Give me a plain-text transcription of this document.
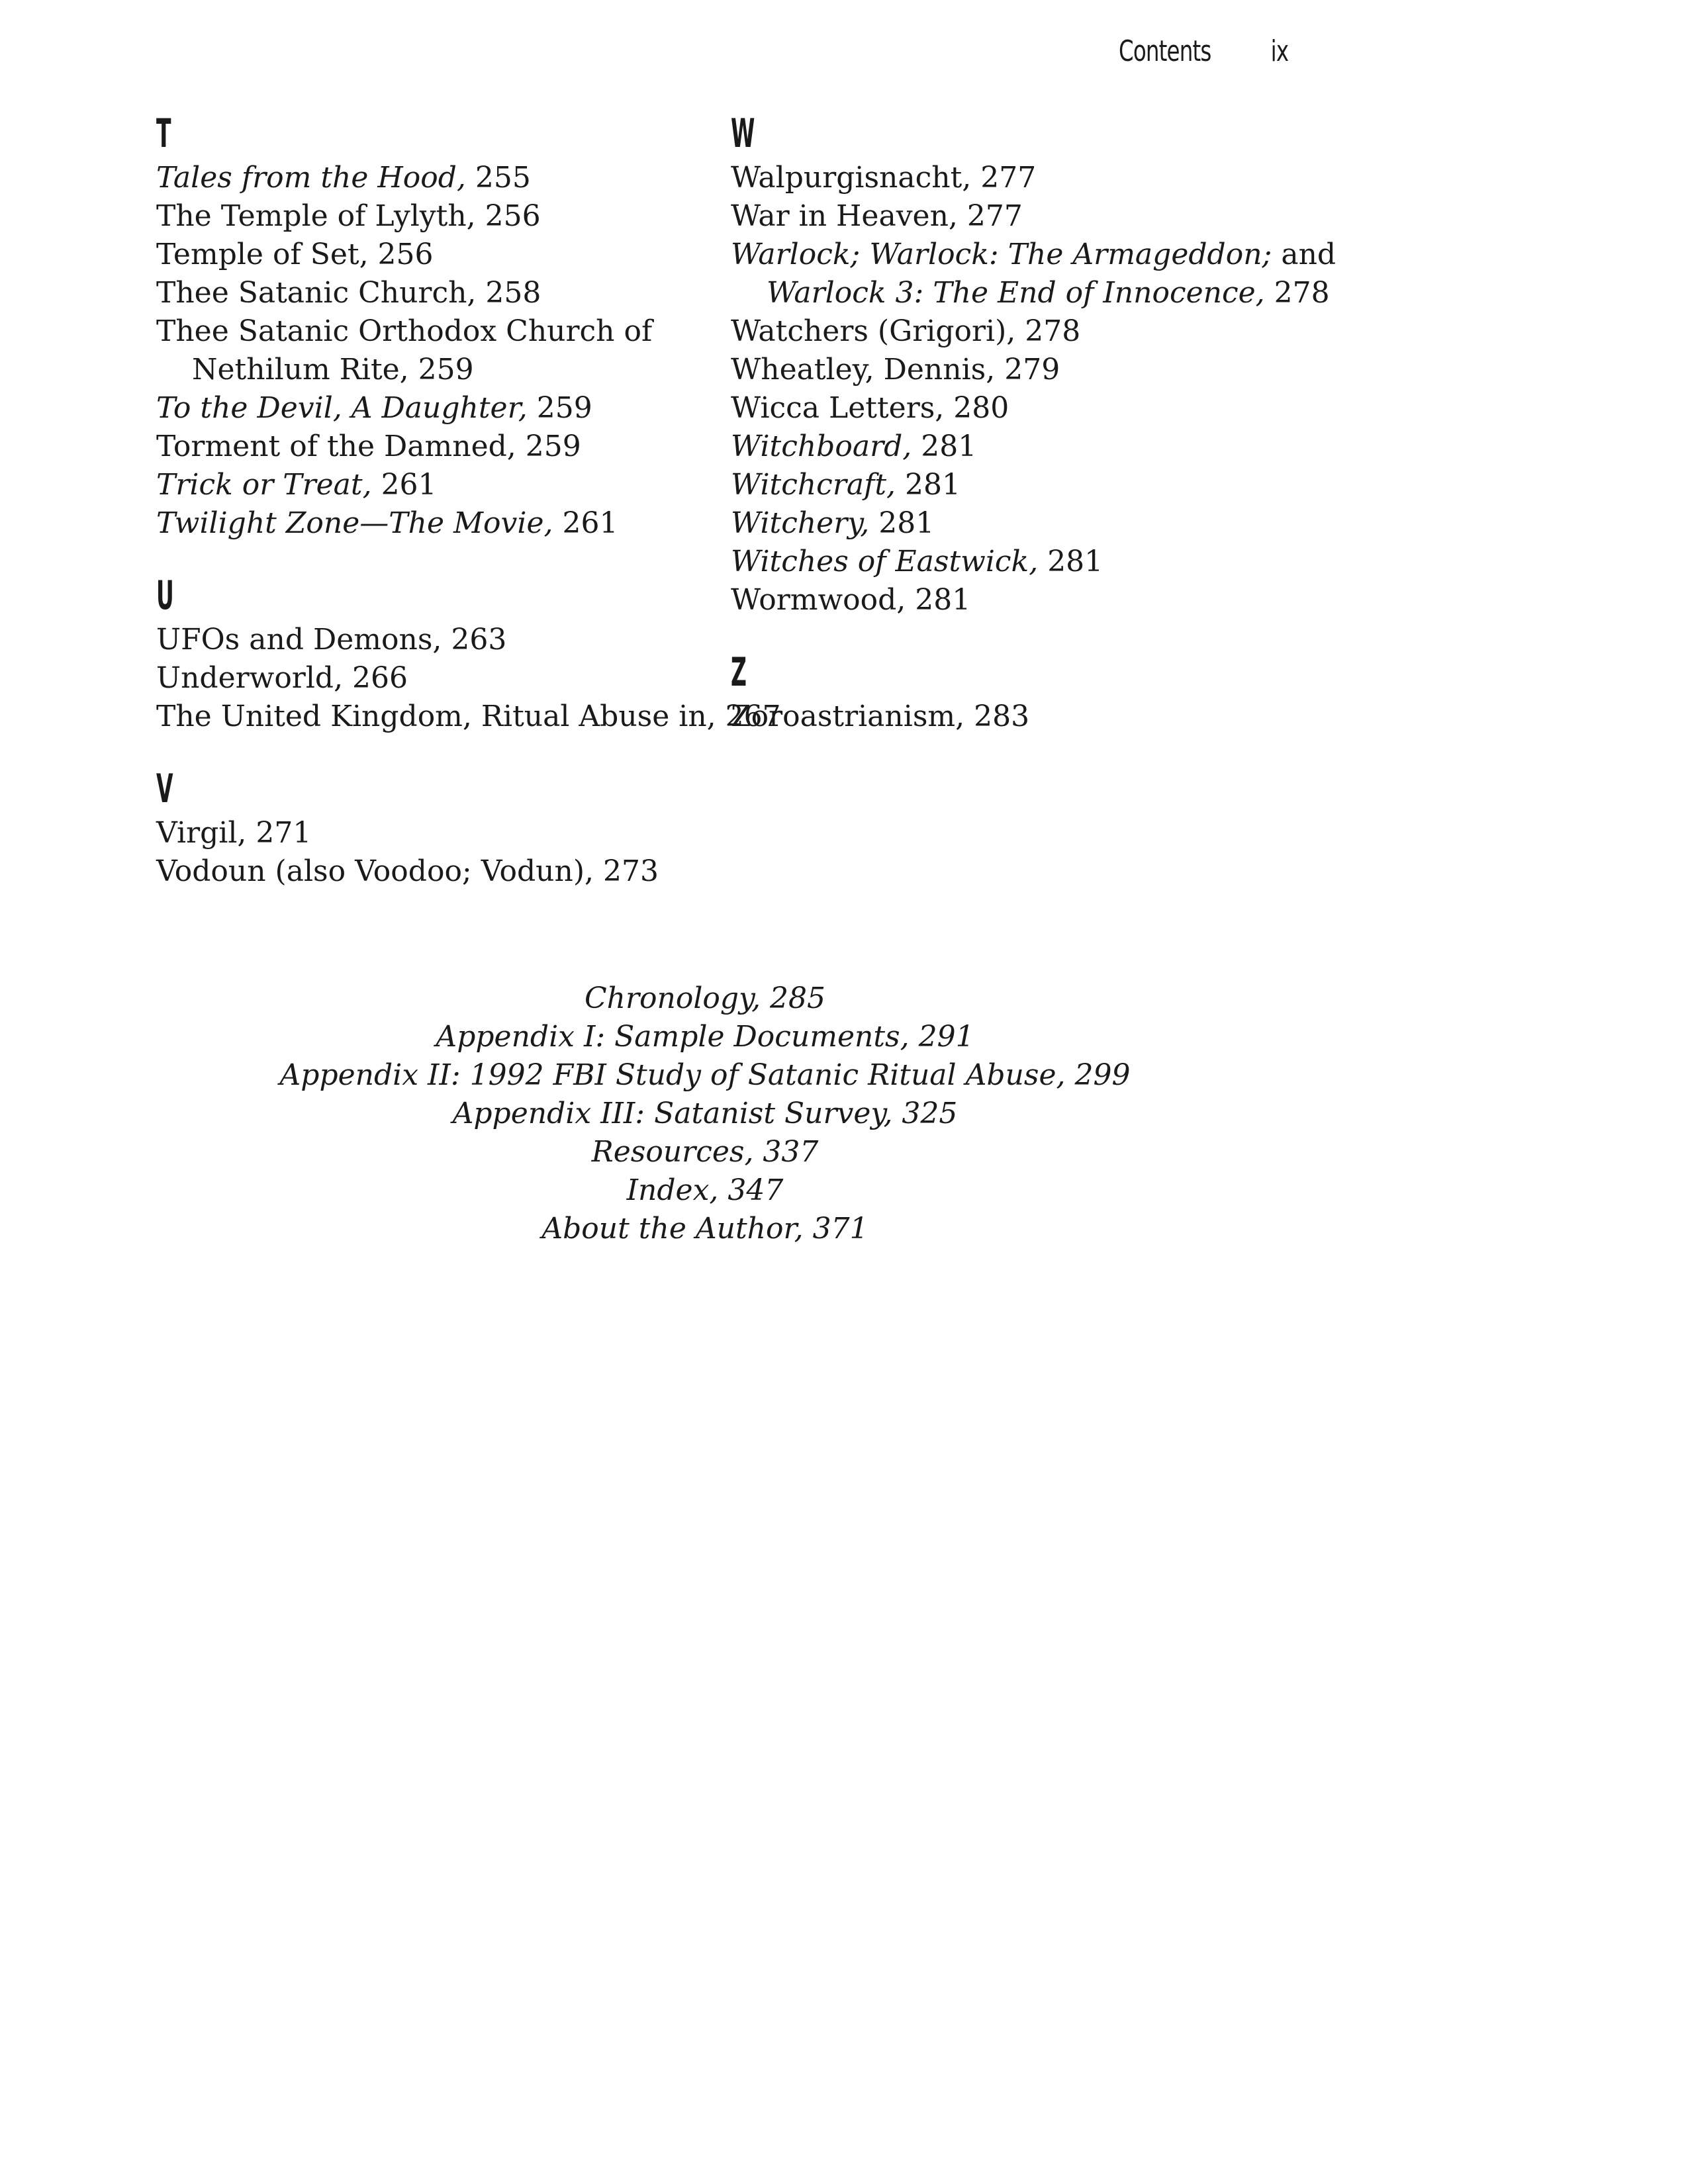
Contents ix
T
Tales from the Hood, 255
The Temple of Lylyth, 256
Temple of Set, 256
Thee Satanic Church, 258
Thee Satanic Orthodox Church of
Nethilum Rite, 259
To the Devil, A Daughter, 259
Torment of the Damned, 259
Trick or Treat, 261
Twilight Zone—The Movie, 261
U
UFOs and Demons, 263
Underworld, 266
The United Kingdom, Ritual Abuse in, 267
V
Virgil, 271
Vodoun (also Voodoo; Vodun), 273
W
Walpurgisnacht, 277
War in Heaven, 277
Warlock; Warlock: The Armageddon; and
Warlock 3: The End of Innocence, 278
Watchers (Grigori), 278
Wheatley, Dennis, 279
Wicca Letters, 280
Witchboard, 281
Witchcraft, 281
Witchery, 281
Witches of Eastwick, 281
Wormwood, 281
Z
Zoroastrianism, 283
Chronology, 285
Appendix I: Sample Documents, 291
Appendix II: 1992 FBI Study of Satanic Ritual Abuse, 299
Appendix III: Satanist Survey, 325
Resources, 337
Index, 347
About the Author, 371
